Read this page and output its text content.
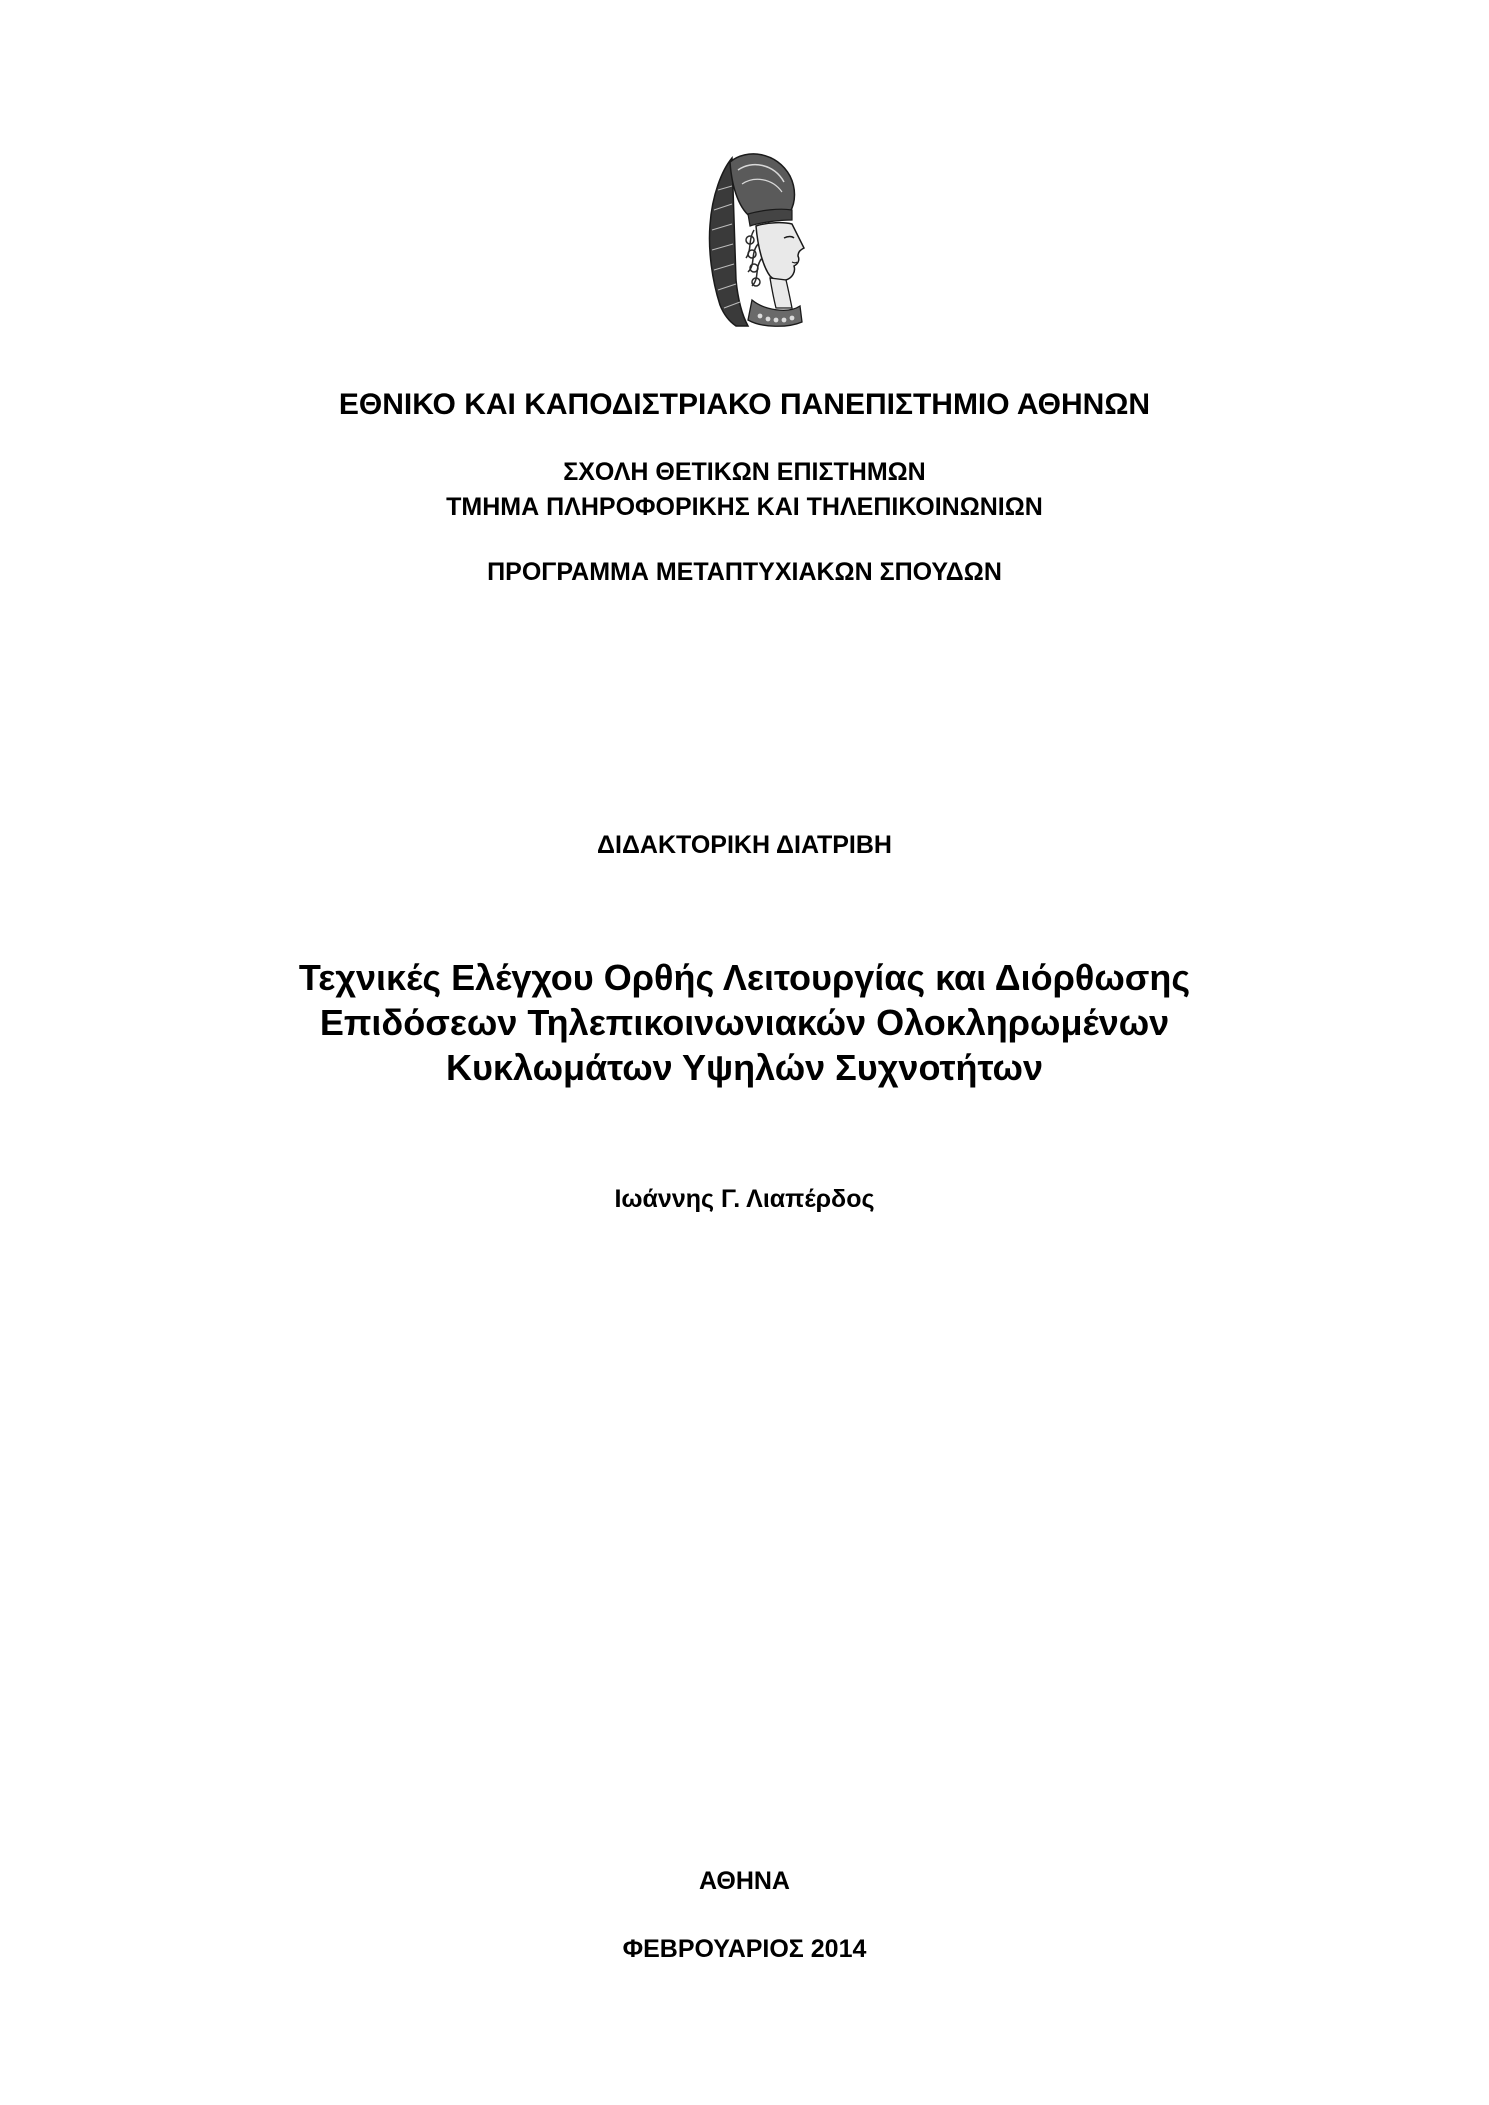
ΕΘΝΙΚΟ ΚΑΙ ΚΑΠΟΔΙΣΤΡΙΑΚΟ ΠΑΝΕΠΙΣΤΗΜΙΟ ΑΘΗΝΩΝ
ΣΧΟΛΗ ΘΕΤΙΚΩΝ ΕΠΙΣΤΗΜΩΝ
ΤΜΗΜΑ ΠΛΗΡΟΦΟΡΙΚΗΣ ΚΑΙ ΤΗΛΕΠΙΚΟΙΝΩΝΙΩΝ
ΠΡΟΓΡΑΜΜΑ ΜΕΤΑΠΤΥΧΙΑΚΩΝ ΣΠΟΥΔΩΝ
ΔΙΔΑΚΤΟΡΙΚΗ ΔΙΑΤΡΙΒΗ
Τεχνικές Ελέγχου Ορθής Λειτουργίας και Διόρθωσης
Επιδόσεων Τηλεπικοινωνιακών Ολοκληρωμένων
Κυκλωμάτων Υψηλών Συχνοτήτων
Ιωάννης Γ. Λιαπέρδος
ΑΘΗΝΑ
ΦΕΒΡΟΥΑΡΙΟΣ 2014
